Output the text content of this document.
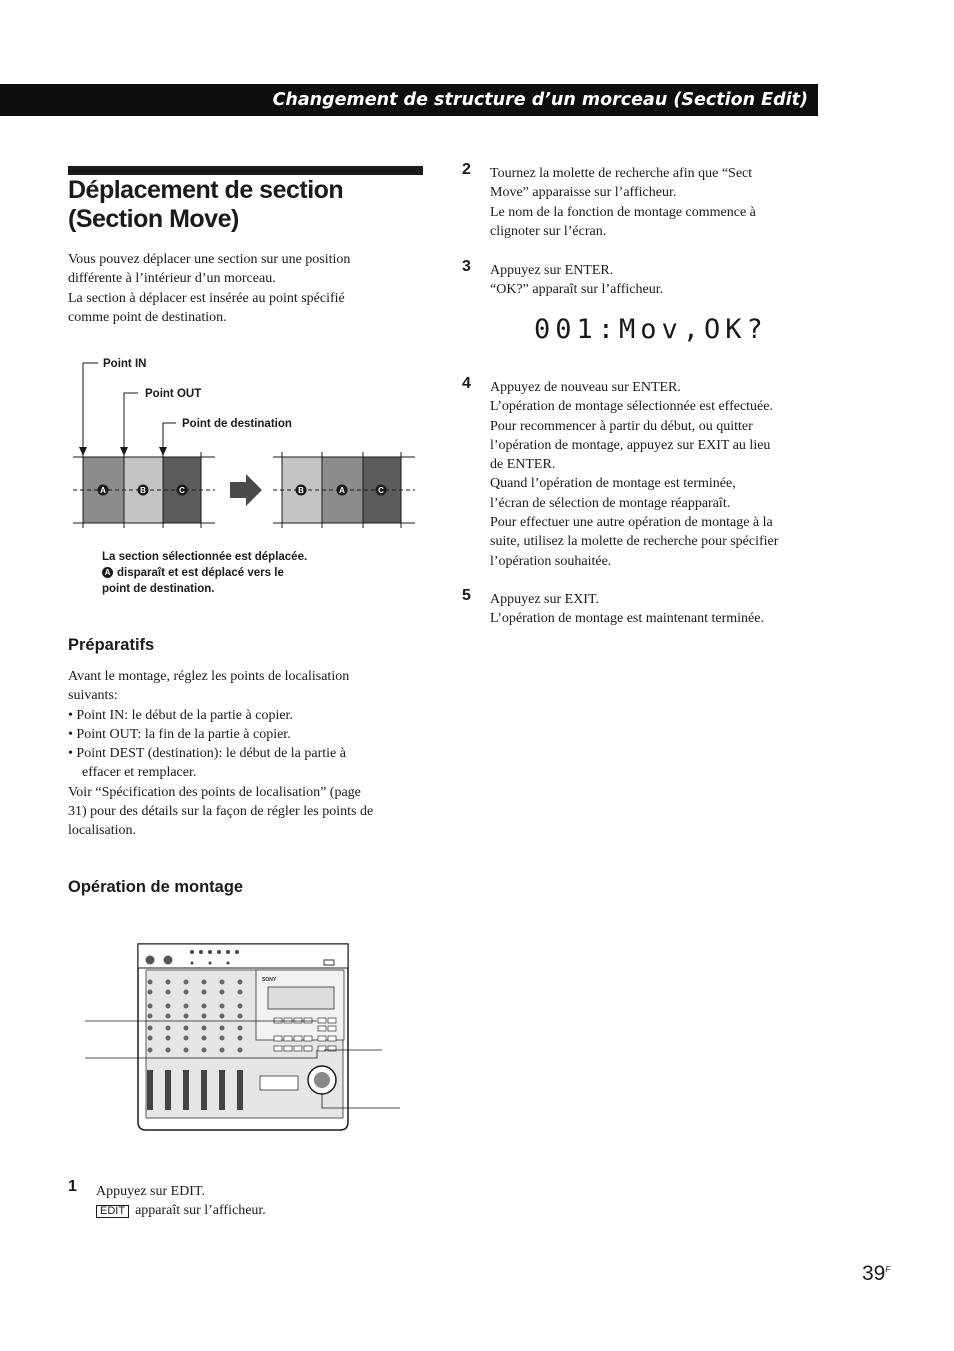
Changement de structure d’un morceau (Section Edit)
Déplacement de section
(Section Move)
Vous pouvez déplacer une section sur une position
différente à l’intérieur d’un morceau.
La section à déplacer est insérée au point spécifié
comme point de destination.
Point IN
Point OUT
Point de destination
A	B	C	B	A	C
La section sélectionnée est déplacée.
A disparaît et est déplacé vers le
point de destination.
Préparatifs
Avant le montage, réglez les points de localisation
suivants:
• Point IN: le début de la partie à copier.
• Point OUT: la fin de la partie à copier.
• Point DEST (destination): le début de la partie à
effacer et remplacer.
Voir “Spécification des points de localisation” (page
31) pour des détails sur la façon de régler les points de
localisation.
Opération de montage
SONY
1 Appuyez sur EDIT.
EDIT apparaît sur l’afficheur.
2 Tournez la molette de recherche afin que “Sect
Move” apparaisse sur l’afficheur.
Le nom de la fonction de montage commence à
clignoter sur l’écran.
3 Appuyez sur ENTER.
“OK?” apparaît sur l’afficheur.
001:Mov,OK?
4 Appuyez de nouveau sur ENTER.
L’opération de montage sélectionnée est effectuée.
Pour recommencer à partir du début, ou quitter
l’opération de montage, appuyez sur EXIT au lieu
de ENTER.
Quand l’opération de montage est terminée,
l’écran de sélection de montage réapparaît.
Pour effectuer une autre opération de montage à la
suite, utilisez la molette de recherche pour spécifier
l’opération souhaitée.
5 Appuyez sur EXIT.
L’opération de montage est maintenant terminée.
$39^F$
